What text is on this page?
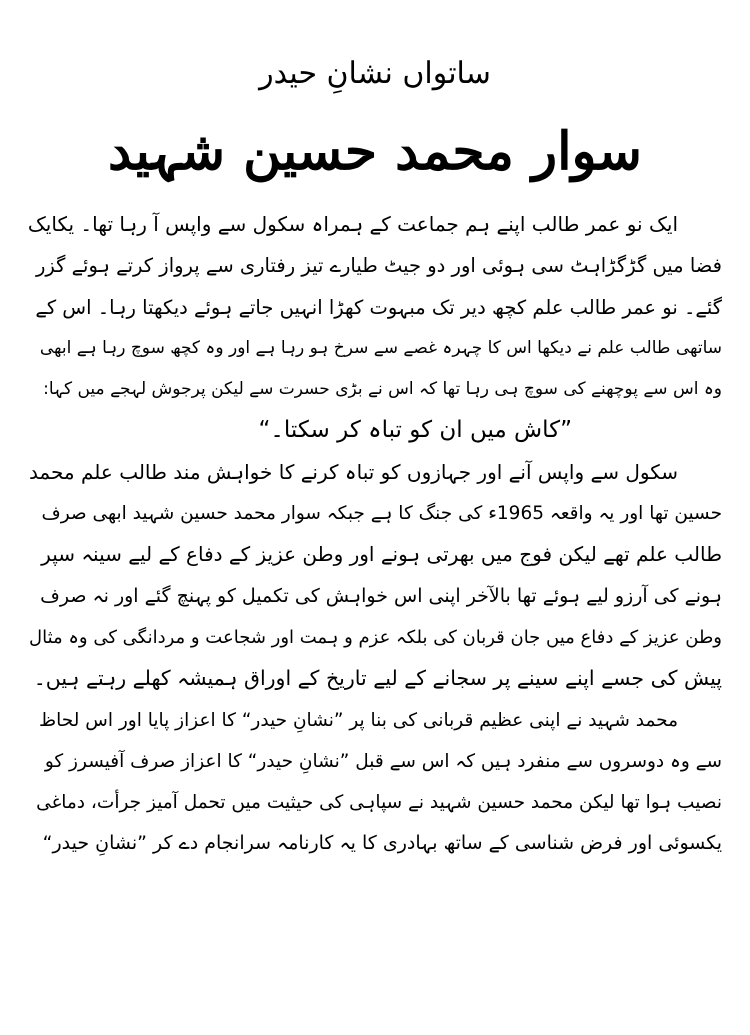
ساتواں نشانِ حیدر
سوار محمد حسین شہید
ایک نو عمر طالب اپنے ہم جماعت کے ہمراہ سکول سے واپس آ رہا تھا۔ یکایک
فضا میں گڑگڑاہٹ سی ہوئی اور دو جیٹ طیارے تیز رفتاری سے پرواز کرتے ہوئے گزر
گئے۔ نو عمر طالب علم کچھ دیر تک مبہوت کھڑا انہیں جاتے ہوئے دیکھتا رہا۔ اس کے
ساتھی طالب علم نے دیکھا اس کا چہرہ غصے سے سرخ ہو رہا ہے اور وہ کچھ سوچ رہا ہے ابھی
وہ اس سے پوچھنے کی سوچ ہی رہا تھا کہ اس نے بڑی حسرت سے لیکن پرجوش لہجے میں کہا:
”کاش میں ان کو تباہ کر سکتا۔“
سکول سے واپس آنے اور جہازوں کو تباہ کرنے کا خواہش مند طالب علم محمد
حسین تھا اور یہ واقعہ 1965ء کی جنگ کا ہے جبکہ سوار محمد حسین شہید ابھی صرف
طالب علم تھے لیکن فوج میں بھرتی ہونے اور وطن عزیز کے دفاع کے لیے سینہ سپر
ہونے کی آرزو لیے ہوئے تھا بالآخر اپنی اس خواہش کی تکمیل کو پہنچ گئے اور نہ صرف
وطن عزیز کے دفاع میں جان قربان کی بلکہ عزم و ہمت اور شجاعت و مردانگی کی وہ مثال
پیش کی جسے اپنے سینے پر سجانے کے لیے تاریخ کے اوراق ہمیشہ کھلے رہتے ہیں۔
محمد شہید نے اپنی عظیم قربانی کی بنا پر ”نشانِ حیدر“ کا اعزاز پایا اور اس لحاظ
سے وہ دوسروں سے منفرد ہیں کہ اس سے قبل ”نشانِ حیدر“ کا اعزاز صرف آفیسرز کو
نصیب ہوا تھا لیکن محمد حسین شہید نے سپاہی کی حیثیت میں تحمل آمیز جرأت، دماغی
یکسوئی اور فرض شناسی کے ساتھ بہادری کا یہ کارنامہ سرانجام دے کر ”نشانِ حیدر“
